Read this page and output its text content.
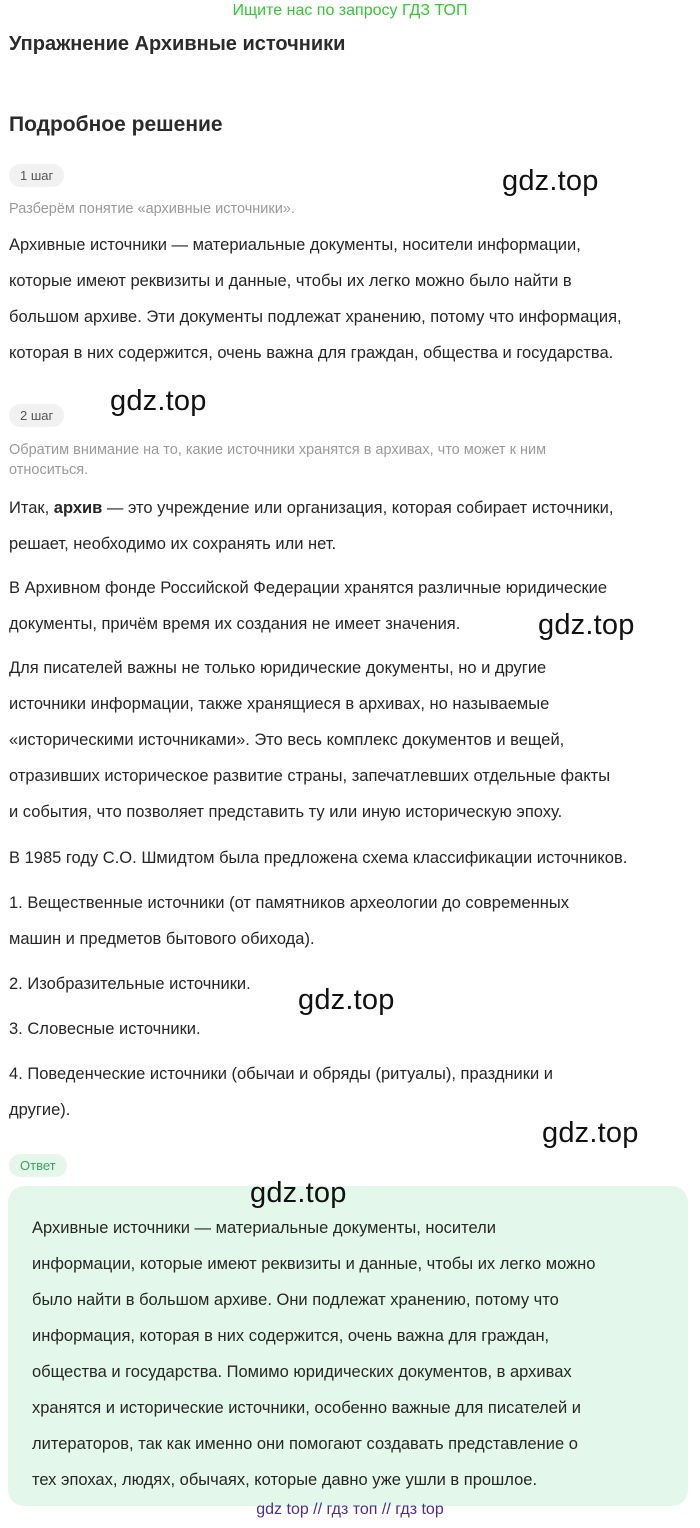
Ищите нас по запросу ГДЗ ТОП
Упражнение Архивные источники
Подробное решение
1 шаг
Разберём понятие «архивные источники».
Архивные источники — материальные документы, носители информации,
которые имеют реквизиты и данные, чтобы их легко можно было найти в
большом архиве. Эти документы подлежат хранению, потому что информация,
которая в них содержится, очень важна для граждан, общества и государства.
2 шаг
Обратим внимание на то, какие источники хранятся в архивах, что может к ним
относиться.
Итак, архив — это учреждение или организация, которая собирает источники,
решает, необходимо их сохранять или нет.
В Архивном фонде Российской Федерации хранятся различные юридические
документы, причём время их создания не имеет значения.
Для писателей важны не только юридические документы, но и другие
источники информации, также хранящиеся в архивах, но называемые
«историческими источниками». Это весь комплекс документов и вещей,
отразивших историческое развитие страны, запечатлевших отдельные факты
и события, что позволяет представить ту или иную историческую эпоху.
В 1985 году С.О. Шмидтом была предложена схема классификации источников.
1. Вещественные источники (от памятников археологии до современных
машин и предметов бытового обихода).
2. Изобразительные источники.
3. Словесные источники.
4. Поведенческие источники (обычаи и обряды (ритуалы), праздники и
другие).
Ответ
Архивные источники — материальные документы, носители
информации, которые имеют реквизиты и данные, чтобы их легко можно
было найти в большом архиве. Они подлежат хранению, потому что
информация, которая в них содержится, очень важна для граждан,
общества и государства. Помимо юридических документов, в архивах
хранятся и исторические источники, особенно важные для писателей и
литераторов, так как именно они помогают создавать представление о
тех эпохах, людях, обычаях, которые давно уже ушли в прошлое.
gdz.top
gdz.top
gdz.top
gdz.top
gdz.top
gdz.top
gdz top // гдз топ // гдз top
